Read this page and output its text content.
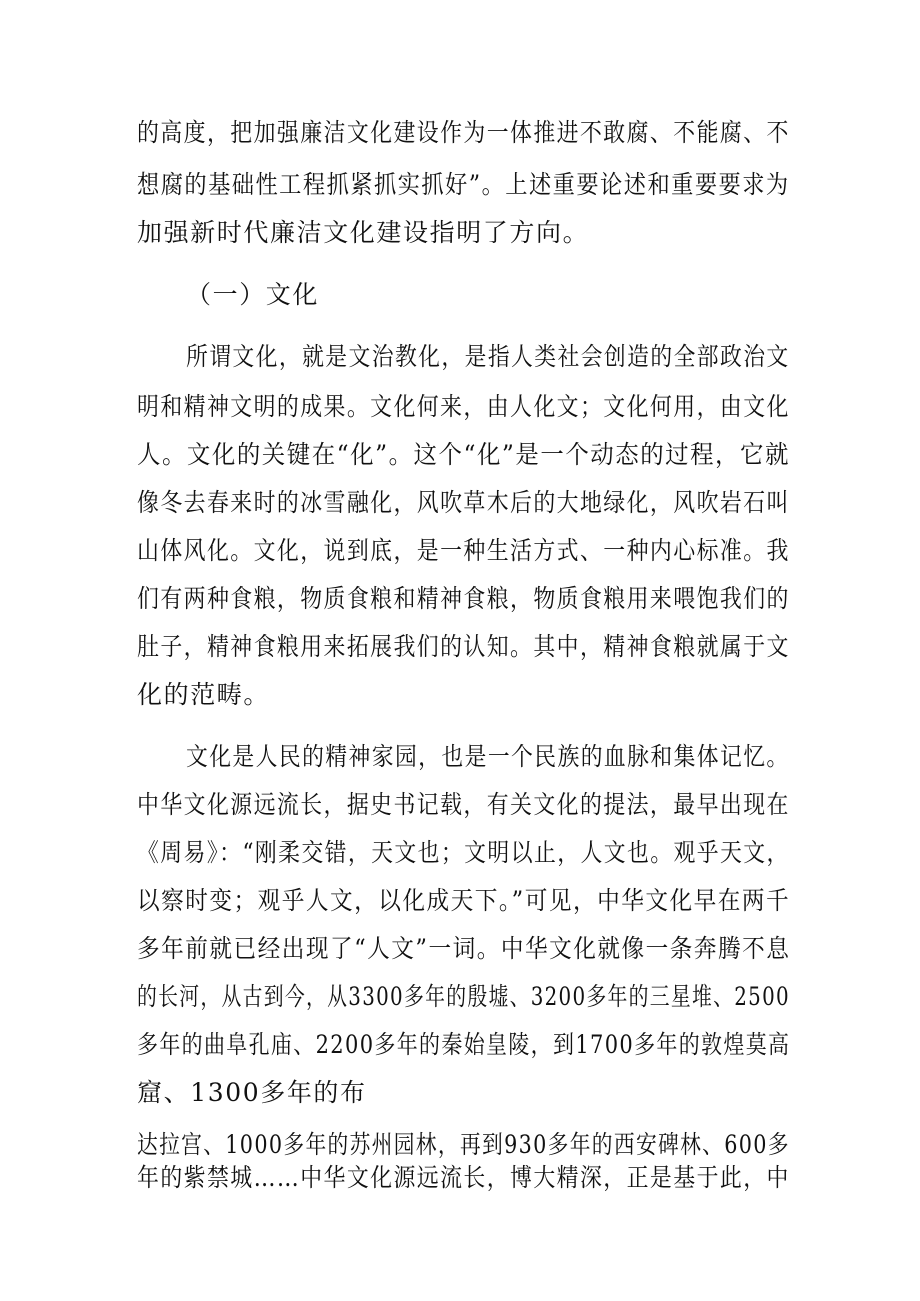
的高度，把加强廉洁文化建设作为一体推进不敢腐、不能腐、不
想腐的基础性工程抓紧抓实抓好”。上述重要论述和重要要求为
加强新时代廉洁文化建设指明了方向。
（一）文化
所谓文化，就是文治教化，是指人类社会创造的全部政治文
明和精神文明的成果。文化何来，由人化文；文化何用，由文化
人。文化的关键在“化”。这个“化”是一个动态的过程，它就
像冬去春来时的冰雪融化，风吹草木后的大地绿化，风吹岩石叫
山体风化。文化，说到底，是一种生活方式、一种内心标准。我
们有两种食粮，物质食粮和精神食粮，物质食粮用来喂饱我们的
肚子，精神食粮用来拓展我们的认知。其中，精神食粮就属于文
化的范畴。
文化是人民的精神家园，也是一个民族的血脉和集体记忆。
中华文化源远流长，据史书记载，有关文化的提法，最早出现在
《周易》：“刚柔交错，天文也；文明以止，人文也。观乎天文，
以察时变；观乎人文，以化成天下。”可见，中华文化早在两千
多年前就已经出现了“人文”一词。中华文化就像一条奔腾不息
的长河，从古到今，从3300多年的殷墟、3200多年的三星堆、2500
多年的曲阜孔庙、2200多年的秦始皇陵，到1700多年的敦煌莫高
窟、1300多年的布
达拉宫、1000多年的苏州园林，再到930多年的西安碑林、600多
年的紫禁城……中华文化源远流长，博大精深，正是基于此，中
